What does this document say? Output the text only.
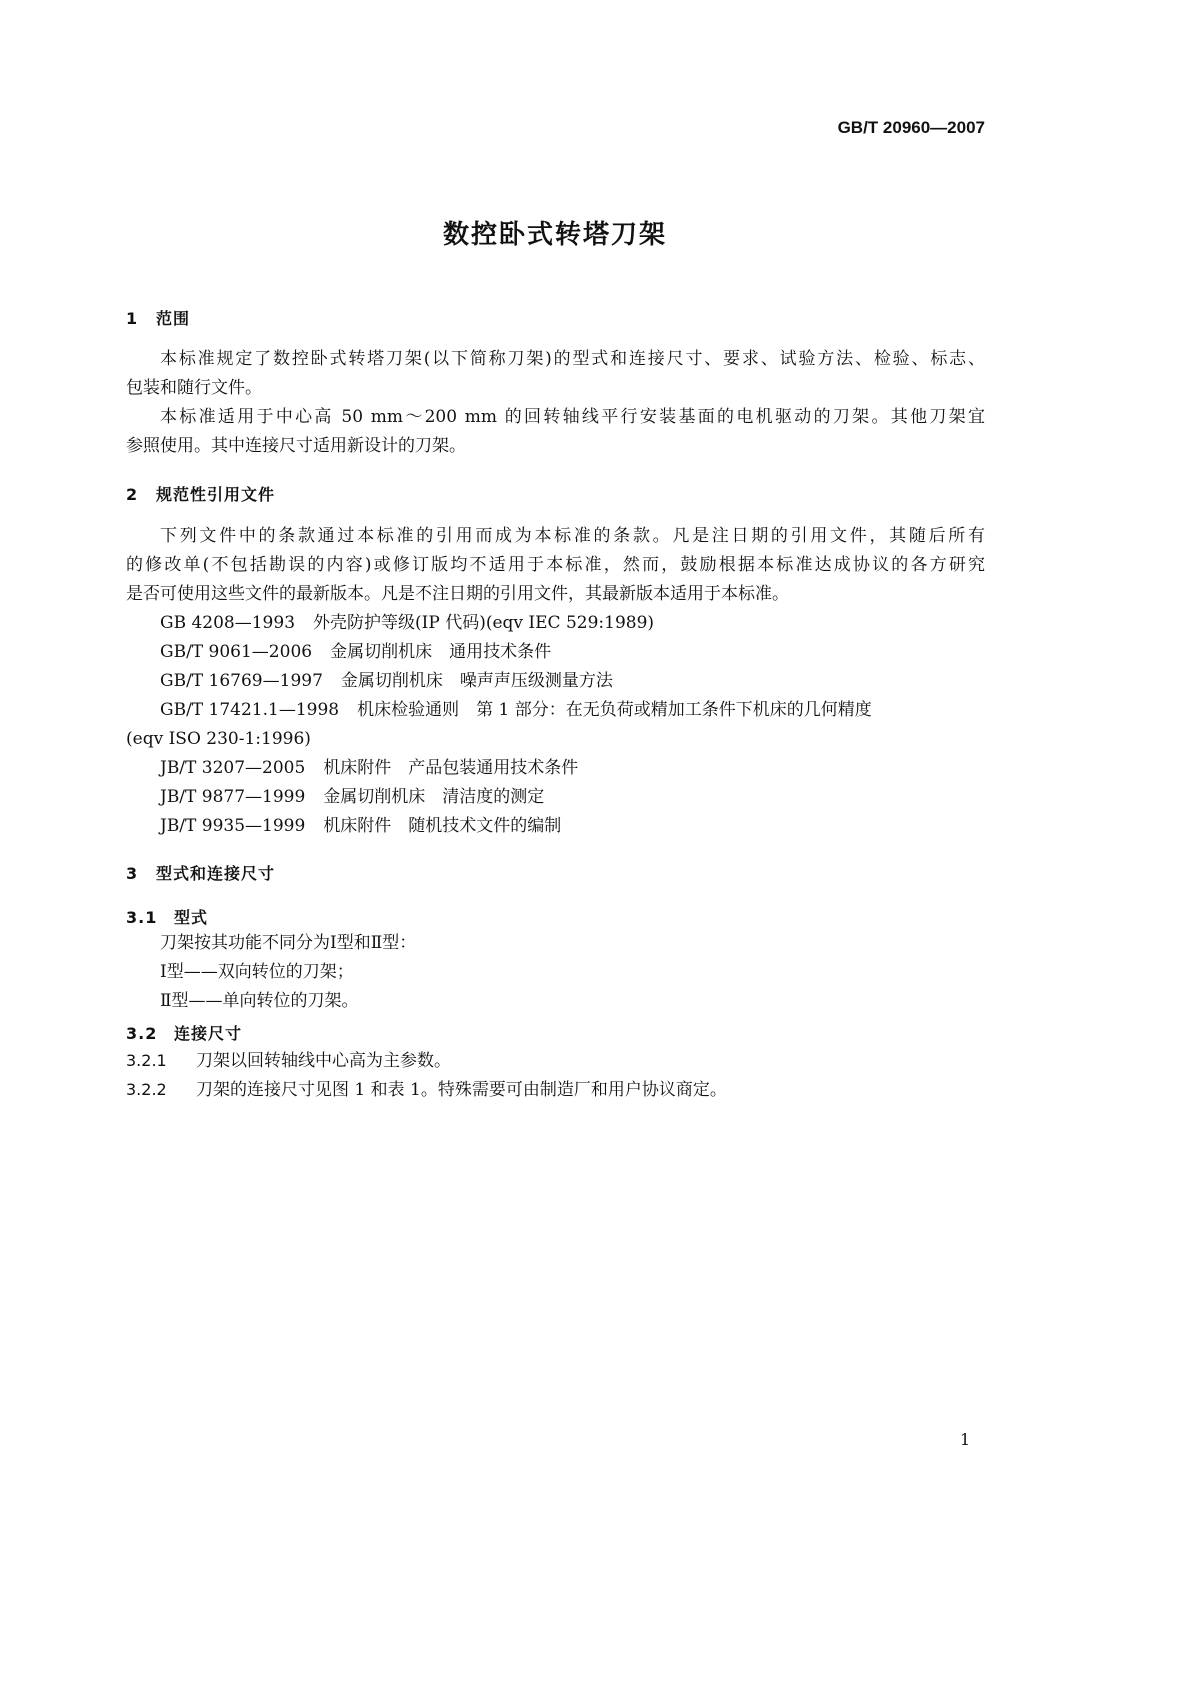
GB/T 20960—2007
数控卧式转塔刀架
1 范围
本标准规定了数控卧式转塔刀架(以下简称刀架)的型式和连接尺寸、要求、试验方法、检验、标志、
包装和随行文件。
本标准适用于中心高 50 mm～200 mm 的回转轴线平行安装基面的电机驱动的刀架。其他刀架宜
参照使用。其中连接尺寸适用新设计的刀架。
2 规范性引用文件
下列文件中的条款通过本标准的引用而成为本标准的条款。凡是注日期的引用文件，其随后所有
的修改单(不包括勘误的内容)或修订版均不适用于本标准，然而，鼓励根据本标准达成协议的各方研究
是否可使用这些文件的最新版本。凡是不注日期的引用文件，其最新版本适用于本标准。
GB 4208—1993 外壳防护等级(IP 代码)(eqv IEC 529:1989)
GB/T 9061—2006 金属切削机床　通用技术条件
GB/T 16769—1997 金属切削机床　噪声声压级测量方法
GB/T 17421.1—1998 机床检验通则　第 1 部分：在无负荷或精加工条件下机床的几何精度
(eqv ISO 230-1:1996)
JB/T 3207—2005 机床附件　产品包装通用技术条件
JB/T 9877—1999 金属切削机床　清洁度的测定
JB/T 9935—1999 机床附件　随机技术文件的编制
3 型式和连接尺寸
3.1 型式
刀架按其功能不同分为Ⅰ型和Ⅱ型：
Ⅰ型——双向转位的刀架；
Ⅱ型——单向转位的刀架。
3.2 连接尺寸
3.2.1 刀架以回转轴线中心高为主参数。
3.2.2 刀架的连接尺寸见图 1 和表 1。特殊需要可由制造厂和用户协议商定。
1
